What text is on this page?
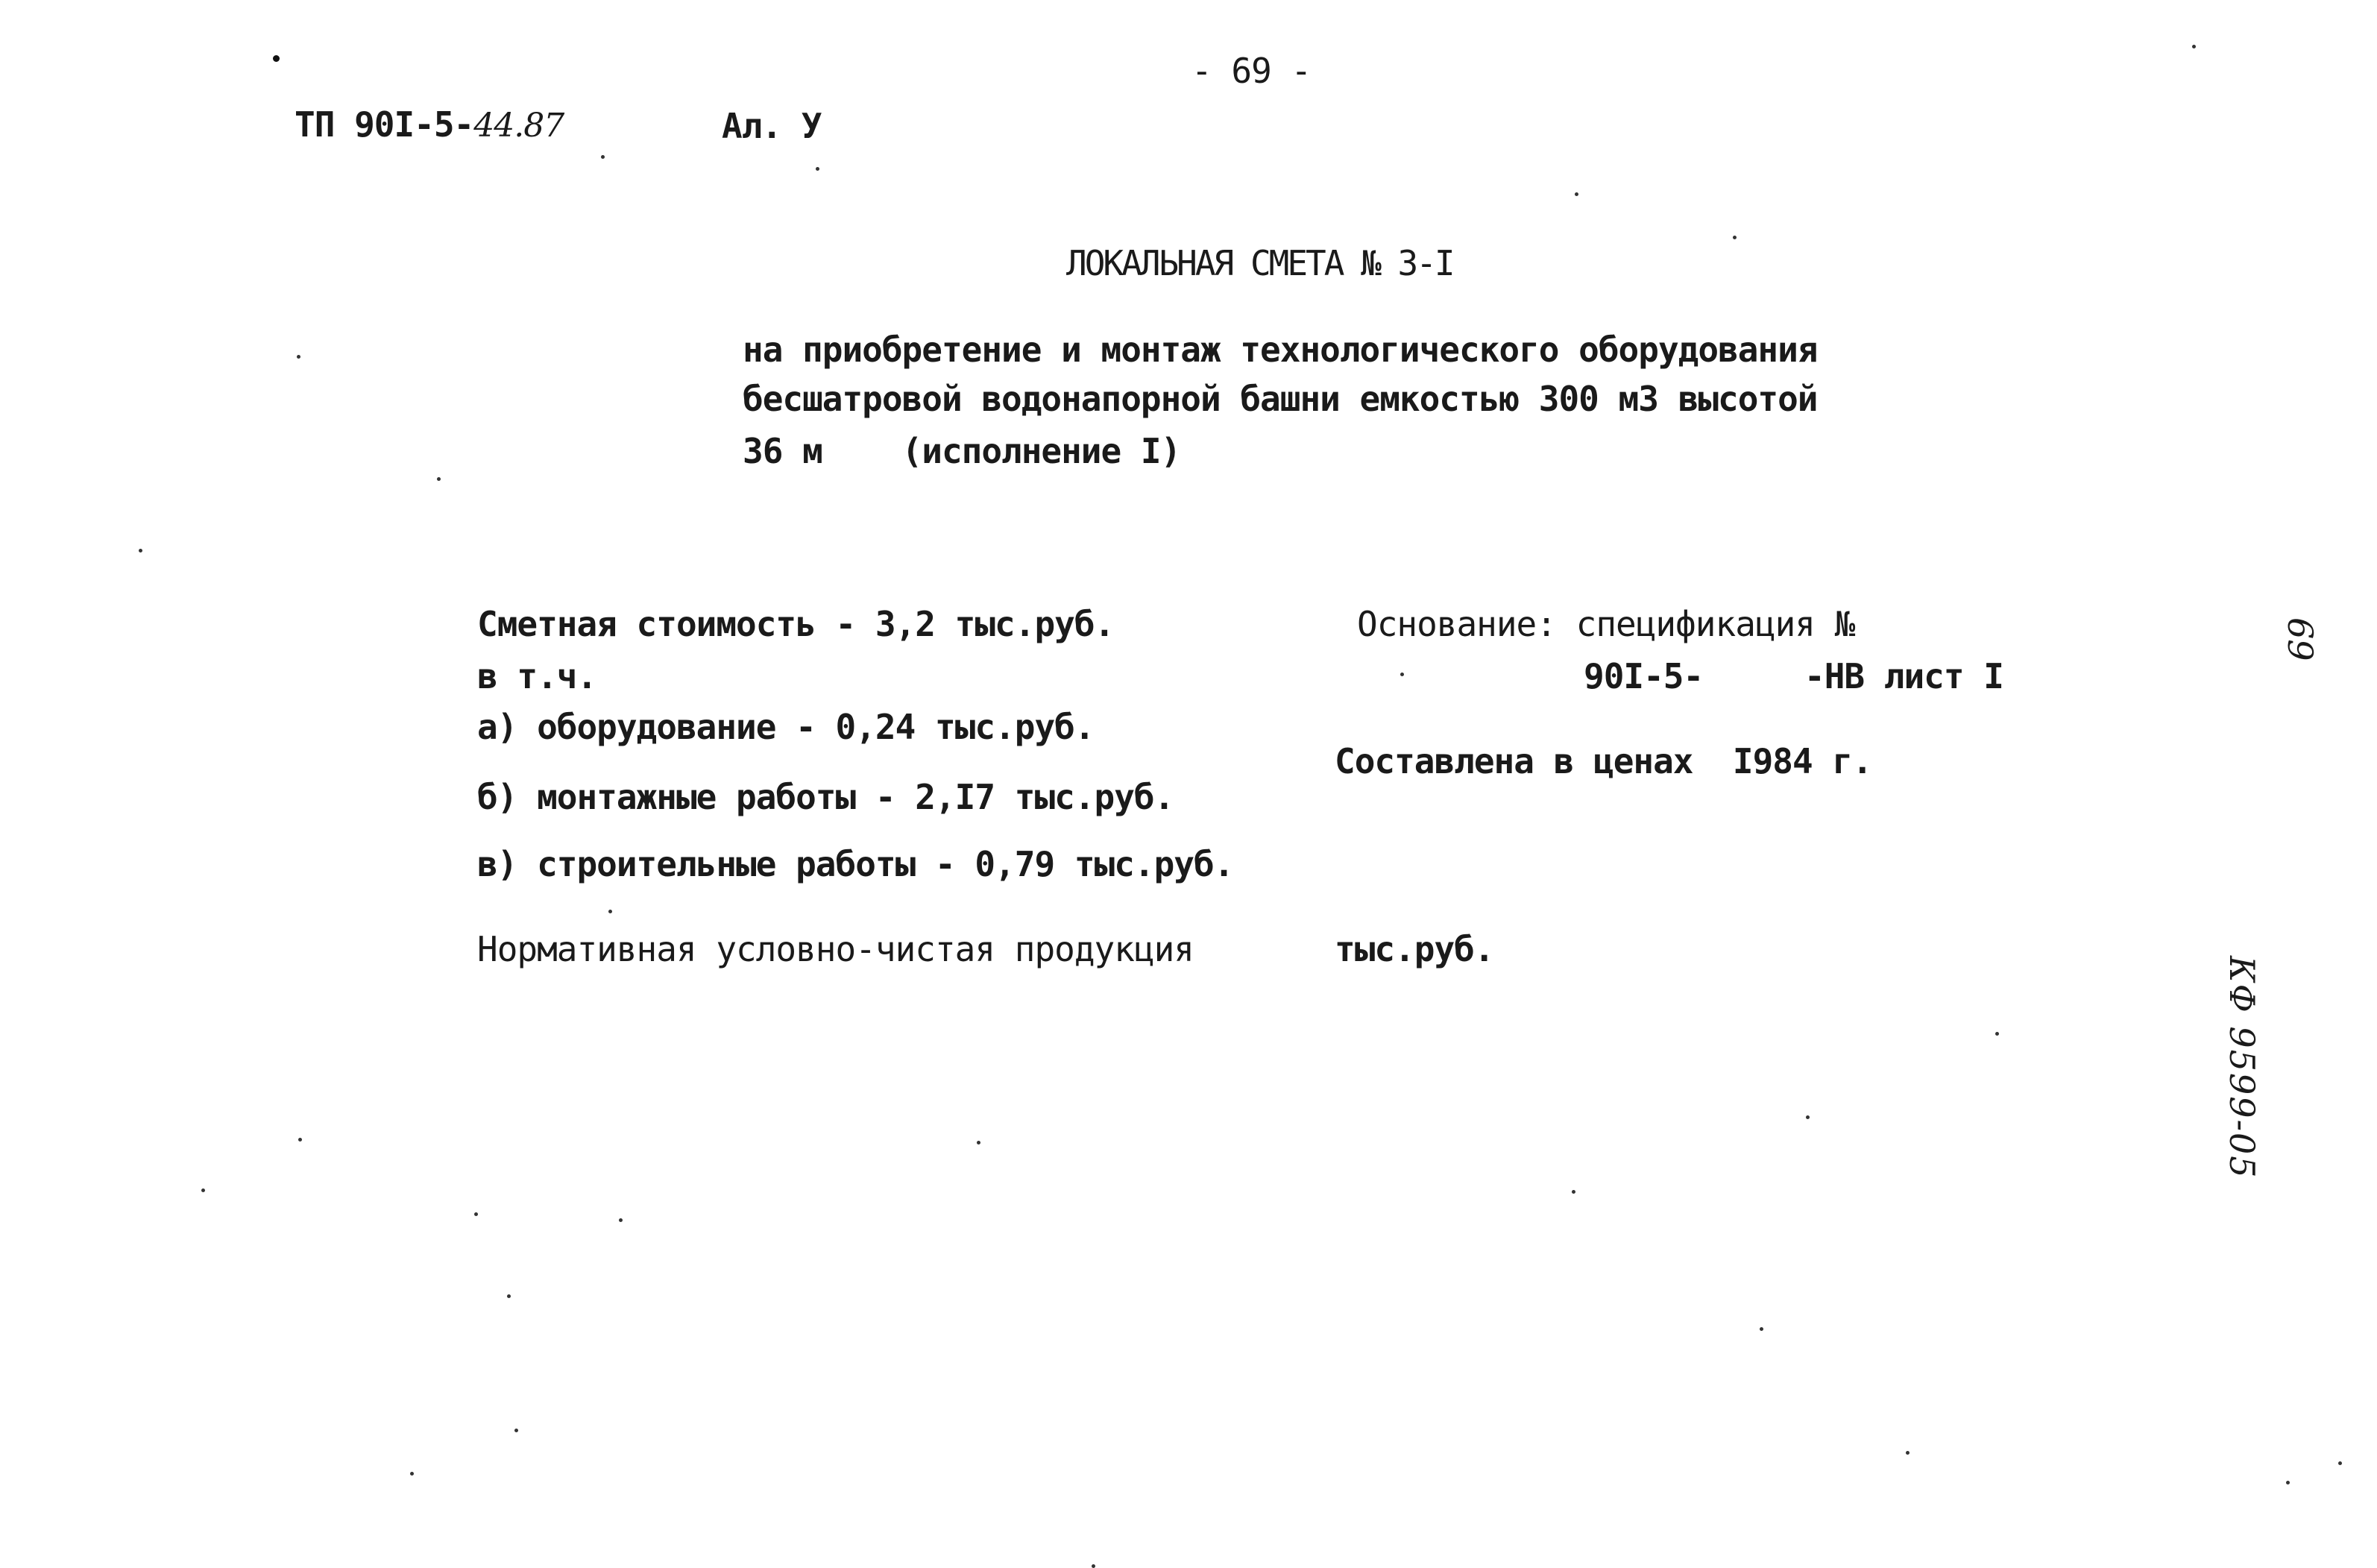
- 69 -
ТП 90I-5-44.87	Ал. У
ЛОКАЛЬНАЯ СМЕТА № 3-I
на приобретение и монтаж технологического оборудования
бесшатровой водонапорной башни емкостью 300 м3 высотой
36 м    (исполнение I)
Сметная стоимость - 3,2 тыс.руб.
в т.ч.
а) оборудование - 0,24 тыс.руб.
б) монтажные работы - 2,I7 тыс.руб.
в) строительные работы - 0,79 тыс.руб.
Основание: спецификация №
90I-5-	-НВ лист I
Составлена в ценах  I984 г.
Нормативная условно-чистая продукция	тыс.руб.
69
КФ 9599-05
